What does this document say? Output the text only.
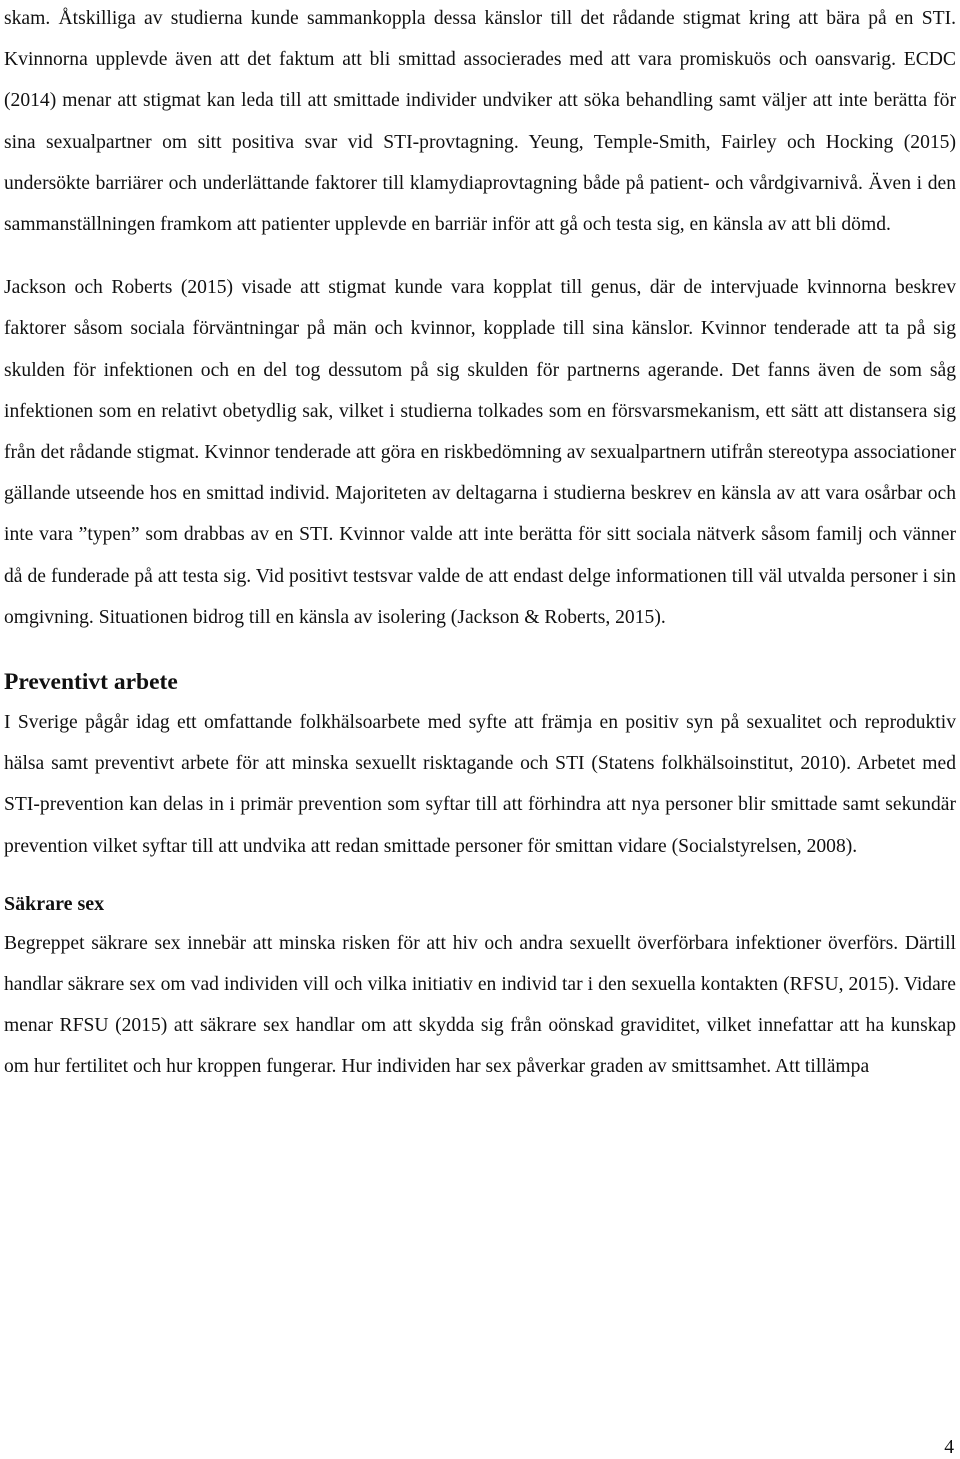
skam. Åtskilliga av studierna kunde sammankoppla dessa känslor till det rådande stigmat kring att bära på en STI. Kvinnorna upplevde även att det faktum att bli smittad associerades med att vara promiskuös och oansvarig. ECDC (2014) menar att stigmat kan leda till att smittade individer undviker att söka behandling samt väljer att inte berätta för sina sexualpartner om sitt positiva svar vid STI-provtagning. Yeung, Temple-Smith, Fairley och Hocking (2015) undersökte barriärer och underlättande faktorer till klamydiaprovtagning både på patient- och vårdgivarnivå. Även i den sammanställningen framkom att patienter upplevde en barriär inför att gå och testa sig, en känsla av att bli dömd.

Jackson och Roberts (2015) visade att stigmat kunde vara kopplat till genus, där de intervjuade kvinnorna beskrev faktorer såsom sociala förväntningar på män och kvinnor, kopplade till sina känslor. Kvinnor tenderade att ta på sig skulden för infektionen och en del tog dessutom på sig skulden för partnerns agerande. Det fanns även de som såg infektionen som en relativt obetydlig sak, vilket i studierna tolkades som en försvarsmekanism, ett sätt att distansera sig från det rådande stigmat. Kvinnor tenderade att göra en riskbedömning av sexualpartnern utifrån stereotypa associationer gällande utseende hos en smittad individ. Majoriteten av deltagarna i studierna beskrev en känsla av att vara osårbar och inte vara ”typen” som drabbas av en STI. Kvinnor valde att inte berätta för sitt sociala nätverk såsom familj och vänner då de funderade på att testa sig. Vid positivt testsvar valde de att endast delge informationen till väl utvalda personer i sin omgivning. Situationen bidrog till en känsla av isolering (Jackson & Roberts, 2015).

Preventivt arbete

I Sverige pågår idag ett omfattande folkhälsoarbete med syfte att främja en positiv syn på sexualitet och reproduktiv hälsa samt preventivt arbete för att minska sexuellt risktagande och STI (Statens folkhälsoinstitut, 2010). Arbetet med STI-prevention kan delas in i primär prevention som syftar till att förhindra att nya personer blir smittade samt sekundär prevention vilket syftar till att undvika att redan smittade personer för smittan vidare (Socialstyrelsen, 2008).

Säkrare sex

Begreppet säkrare sex innebär att minska risken för att hiv och andra sexuellt överförbara infektioner överförs. Därtill handlar säkrare sex om vad individen vill och vilka initiativ en individ tar i den sexuella kontakten (RFSU, 2015). Vidare menar RFSU (2015) att säkrare sex handlar om att skydda sig från oönskad graviditet, vilket innefattar att ha kunskap om hur fertilitet och hur kroppen fungerar. Hur individen har sex påverkar graden av smittsamhet. Att tillämpa

4
